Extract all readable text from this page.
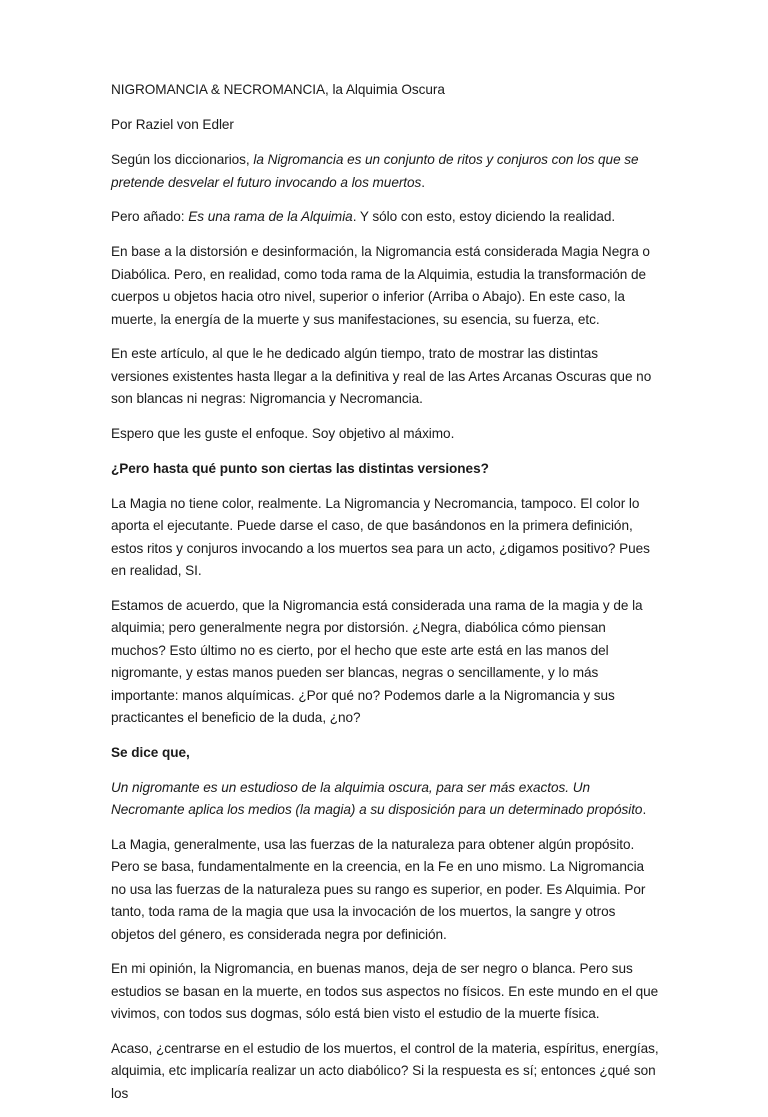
NIGROMANCIA & NECROMANCIA, la Alquimia Oscura

Por Raziel von Edler

Según los diccionarios, la Nigromancia es un conjunto de ritos y conjuros con los que se pretende desvelar el futuro invocando a los muertos.

Pero añado: Es una rama de la Alquimia. Y sólo con esto, estoy diciendo la realidad.

En base a la distorsión e desinformación, la Nigromancia está considerada Magia Negra o Diabólica. Pero, en realidad, como toda rama de la Alquimia, estudia la transformación de cuerpos u objetos hacia otro nivel, superior o inferior (Arriba o Abajo). En este caso, la muerte, la energía de la muerte y sus manifestaciones, su esencia, su fuerza, etc.

En este artículo, al que le he dedicado algún tiempo, trato de mostrar las distintas versiones existentes hasta llegar a la definitiva y real de las Artes Arcanas Oscuras que no son blancas ni negras: Nigromancia y Necromancia.

Espero que les guste el enfoque. Soy objetivo al máximo.

¿Pero hasta qué punto son ciertas las distintas versiones?

La Magia no tiene color, realmente. La Nigromancia y Necromancia, tampoco. El color lo aporta el ejecutante. Puede darse el caso, de que basándonos en la primera definición, estos ritos y conjuros invocando a los muertos sea para un acto, ¿digamos positivo? Pues en realidad, SI.

Estamos de acuerdo, que la Nigromancia está considerada una rama de la magia y de la alquimia; pero generalmente negra por distorsión. ¿Negra, diabólica cómo piensan muchos? Esto último no es cierto, por el hecho que este arte está en las manos del nigromante, y estas manos pueden ser blancas, negras o sencillamente, y lo más importante: manos alquímicas. ¿Por qué no? Podemos darle a la Nigromancia y sus practicantes el beneficio de la duda, ¿no?

Se dice que,

Un nigromante es un estudioso de la alquimia oscura, para ser más exactos. Un Necromante aplica los medios (la magia) a su disposición para un determinado propósito.

La Magia, generalmente, usa las fuerzas de la naturaleza para obtener algún propósito. Pero se basa, fundamentalmente en la creencia, en la Fe en uno mismo. La Nigromancia no usa las fuerzas de la naturaleza pues su rango es superior, en poder. Es Alquimia. Por tanto, toda rama de la magia que usa la invocación de los muertos, la sangre y otros objetos del género, es considerada negra por definición.

En mi opinión, la Nigromancia, en buenas manos, deja de ser negro o blanca. Pero sus estudios se basan en la muerte, en todos sus aspectos no físicos. En este mundo en el que vivimos, con todos sus dogmas, sólo está bien visto el estudio de la muerte física.

Acaso, ¿centrarse en el estudio de los muertos, el control de la materia, espíritus, energías, alquimia, etc implicaría realizar un acto diabólico? Si la respuesta es sí; entonces ¿qué son los
